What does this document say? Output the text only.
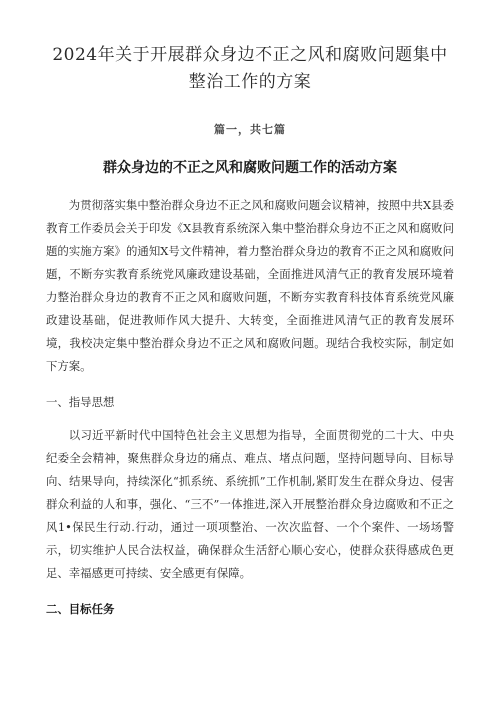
2024年关于开展群众身边不正之风和腐败问题集中
整治工作的方案

篇一，共七篇

群众身边的不正之风和腐败问题工作的活动方案

为贯彻落实集中整治群众身边不正之风和腐败问题会议精神，按照中共X县委教育工作委员会关于印发《X县教育系统深入集中整治群众身边不正之风和腐败问题的实施方案》的通知X号文件精神，着力整治群众身边的教育不正之风和腐败问题，不断夯实教育系统党风廉政建设基础，全面推进风清气正的教育发展环境着力整治群众身边的教育不正之风和腐败问题，不断夯实教育科技体育系统党风廉政建设基础，促进教师作风大提升、大转变，全面推进风清气正的教育发展环境，我校决定集中整治群众身边不正之风和腐败问题。现结合我校实际，制定如下方案。

一、指导思想

以习近平新时代中国特色社会主义思想为指导，全面贯彻党的二十大、中央纪委全会精神，聚焦群众身边的痛点、难点、堵点问题，坚持问题导向、目标导向、结果导向，持续深化“抓系统、系统抓”工作机制,紧盯发生在群众身边、侵害群众利益的人和事，强化、“三不”一体推进,深入开展整治群众身边腐败和不正之风1•保民生行动.行动，通过一项项整治、一次次监督、一个个案件、一场场警示，切实维护人民合法权益，确保群众生活舒心顺心安心，使群众获得感成色更足、幸福感更可持续、安全感更有保障。

二、目标任务
